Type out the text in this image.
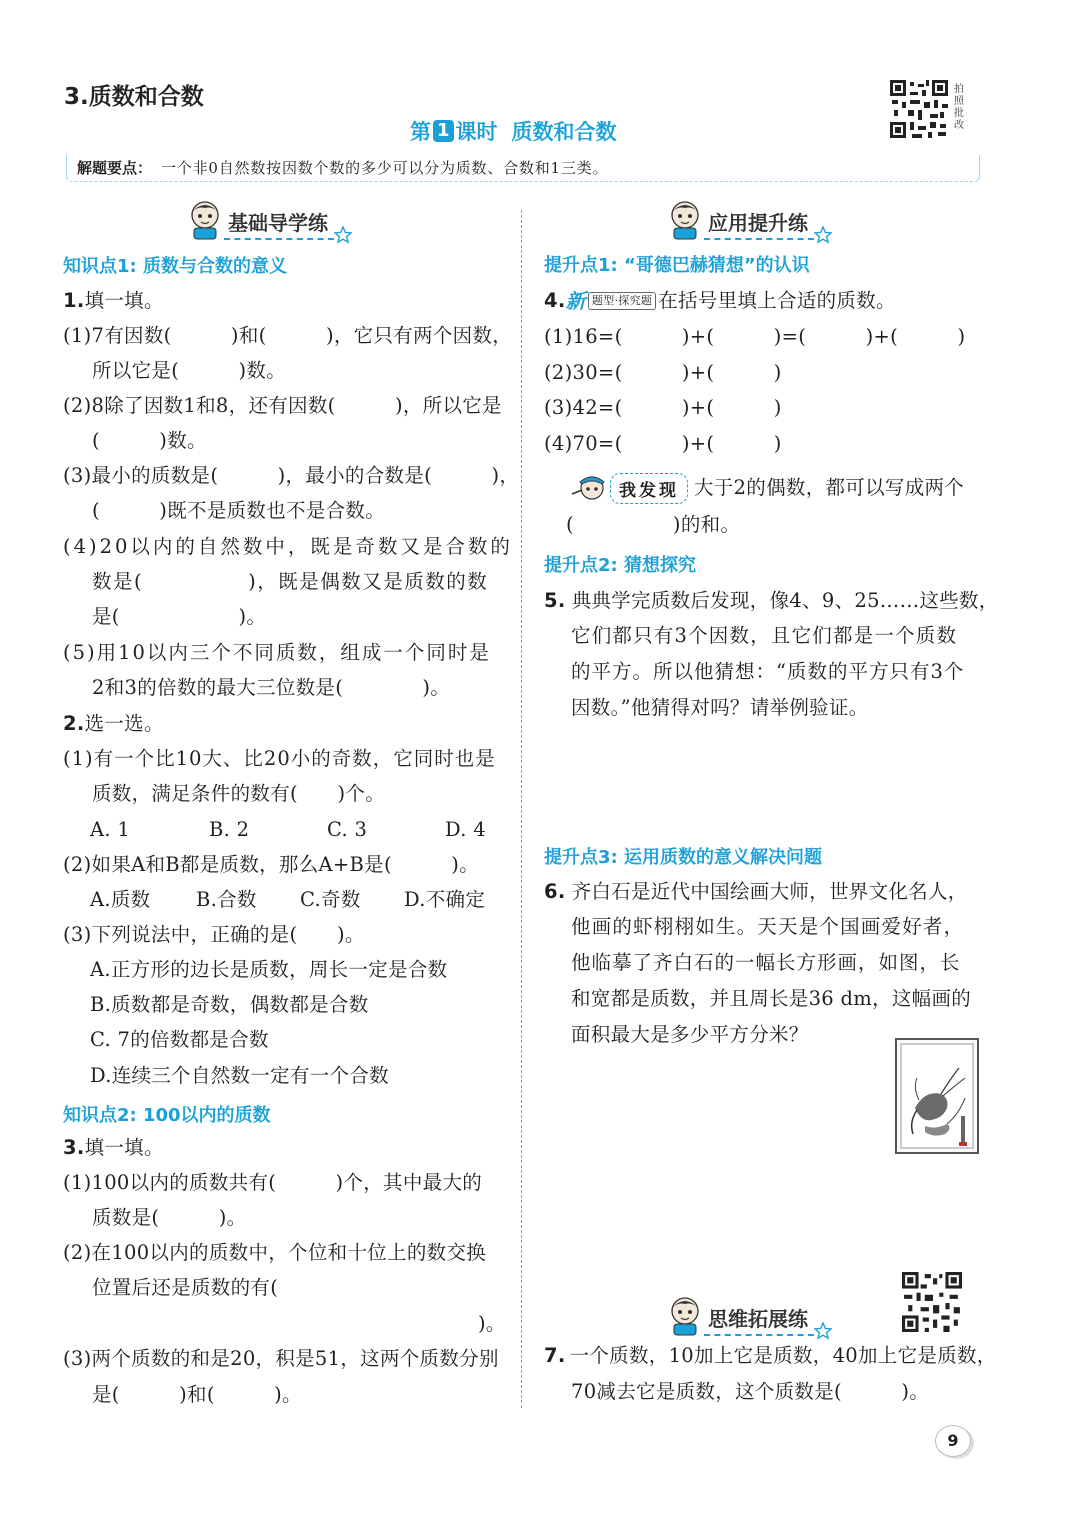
3.质数和合数
第 1 课时 质数和合数
拍照批改
解题要点： 一个非0自然数按因数个数的多少可以分为质数、合数和1三类。
基础导学练
知识点1: 质数与合数的意义
1.填一填。
(1)7有因数(　　　)和(　　　)，它只有两个因数，
所以它是(　　　)数。
(2)8除了因数1和8，还有因数(　　　)，所以它是
(　　　)数。
(3)最小的质数是(　　　)，最小的合数是(　　　)，
(　　　)既不是质数也不是合数。
(4)20以内的自然数中，既是奇数又是合数的
数是(　　　　　)，既是偶数又是质数的数
是(　　　　　　)。
(5)用10以内三个不同质数，组成一个同时是
2和3的倍数的最大三位数是(　　　　)。
2.选一选。
(1)有一个比10大、比20小的奇数，它同时也是
质数，满足条件的数有(　　)个。
A. 1	B. 2	C. 3	D. 4
(2)如果A和B都是质数，那么A+B是(　　　)。
A.质数 B.合数 C.奇数 D.不确定
(3)下列说法中，正确的是(　　)。
A.正方形的边长是质数，周长一定是合数
B.质数都是奇数，偶数都是合数
C. 7的倍数都是合数
D.连续三个自然数一定有一个合数
知识点2: 100以内的质数
3.填一填。
(1)100以内的质数共有(　　　)个，其中最大的
质数是(　　　)。
(2)在100以内的质数中，个位和十位上的数交换
位置后还是质数的有(
)。
(3)两个质数的和是20，积是51，这两个质数分别
是(　　　)和(　　　)。
应用提升练
提升点1: “哥德巴赫猜想”的认识
4. 新 题型·探究题 在括号里填上合适的质数。
(1)16=(　　　)+(　　　)=(　　　)+(　　　)
(2)30=(　　　)+(　　　)
(3)42=(　　　)+(　　　)
(4)70=(　　　)+(　　　)
我发现 大于2的偶数，都可以写成两个
(　　　　　)的和。
提升点2: 猜想探究
5. 典典学完质数后发现，像4、9、25……这些数，
它们都只有3个因数，且它们都是一个质数
的平方。所以他猜想：“质数的平方只有3个
因数。”他猜得对吗？请举例验证。
提升点3: 运用质数的意义解决问题
6. 齐白石是近代中国绘画大师，世界文化名人，
他画的虾栩栩如生。天天是个国画爱好者，
他临摹了齐白石的一幅长方形画，如图，长
和宽都是质数，并且周长是36 dm，这幅画的
面积最大是多少平方分米？
思维拓展练
7. 一个质数，10加上它是质数，40加上它是质数，
70减去它是质数，这个质数是(　　　)。
9
